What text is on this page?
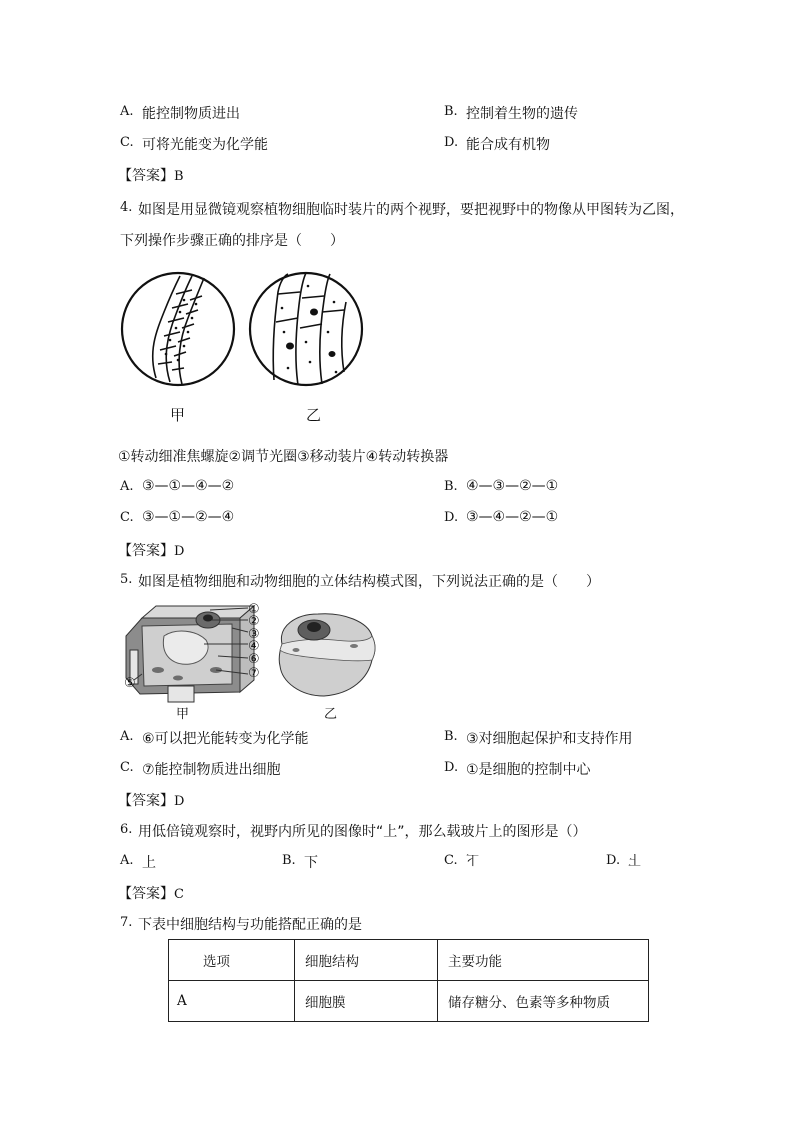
A. 能控制物质进出	B. 控制着生物的遗传
C. 可将光能变为化学能	D. 能合成有机物
【答案】B
4. 如图是用显微镜观察植物细胞临时装片的两个视野，要把视野中的物像从甲图转为乙图，
下列操作步骤正确的排序是（　　）
甲	乙
①转动细准焦螺旋②调节光圈③移动装片④转动转换器
A. ③—①—④—②	B. ④—③—②—①
C. ③—①—②—④	D. ③—④—②—①
【答案】D
5. 如图是植物细胞和动物细胞的立体结构模式图，下列说法正确的是（　　）
①
②
③
④
⑥
⑦
⑤
甲	乙
A. ⑥可以把光能转变为化学能	B. ③对细胞起保护和支持作用
C. ⑦能控制物质进出细胞	D. ①是细胞的控制中心
【答案】D
6. 用低倍镜观察时，视野内所见的图像时“上”，那么载玻片上的图形是（）
A. 上	B. 下	C. 下	D. 上
【答案】C
7. 下表中细胞结构与功能搭配正确的是
选项	细胞结构	主要功能
A	细胞膜	储存糖分、色素等多种物质
